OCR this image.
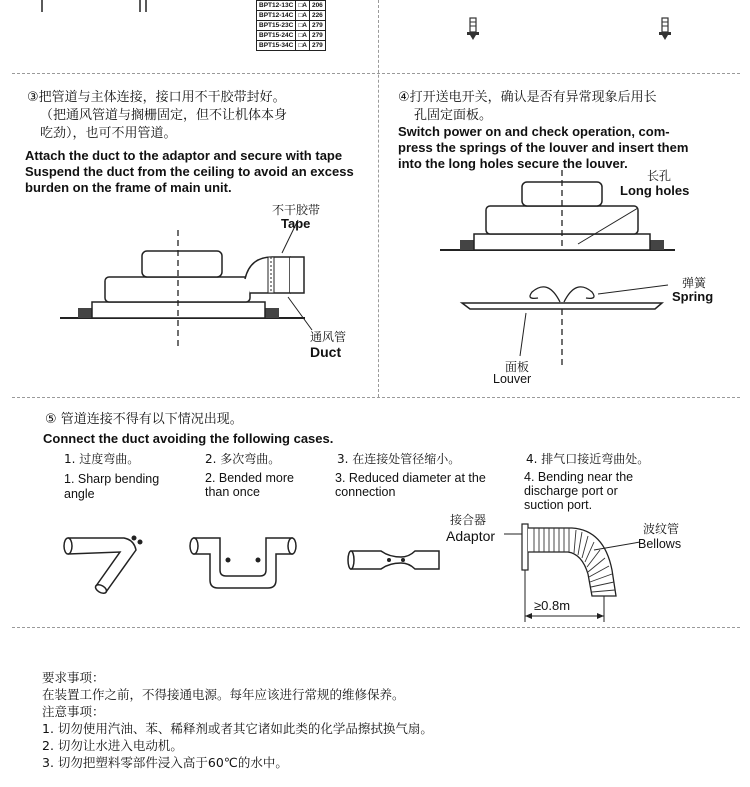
BPT12-13C	□A	206
BPT12-14C	□A	226
BPT15-23C	□A	279
BPT15-24C	□A	279
BPT15-34C	□A	279
③把管道与主体连接，接口用不干胶带封好。
（把通风管道与搁栅固定，但不让机体本身
吃劲），也可不用管道。
Attach the duct to the adaptor and secure with tape
Suspend the duct from the ceiling to avoid an excess
burden on the frame of main unit.
不干胶带
Tape
通风管
Duct
④打开送电开关，确认是否有异常现象后用长
孔固定面板。
Switch power on and check operation, com-
press the springs of the louver and insert them
into the long holes secure the louver.
长孔
Long holes
弹簧
Spring
面板
Louver
⑤ 管道连接不得有以下情况出现。
Connect the duct avoiding the following cases.
1. 过度弯曲。
1. Sharp bending
angle
2. 多次弯曲。
2. Bended more
than once
3. 在连接处管径缩小。
3. Reduced diameter at the
connection
4. 排气口接近弯曲处。
4. Bending near the
discharge port or
suction port.
接合器
Adaptor	波纹管
Bellows
≥0.8m
要求事项：
在装置工作之前，不得接通电源。每年应该进行常规的维修保养。
注意事项：
1. 切勿使用汽油、苯、稀释剂或者其它诸如此类的化学品擦拭换气扇。
2. 切勿让水进入电动机。
3. 切勿把塑料零部件浸入高于60℃的水中。
